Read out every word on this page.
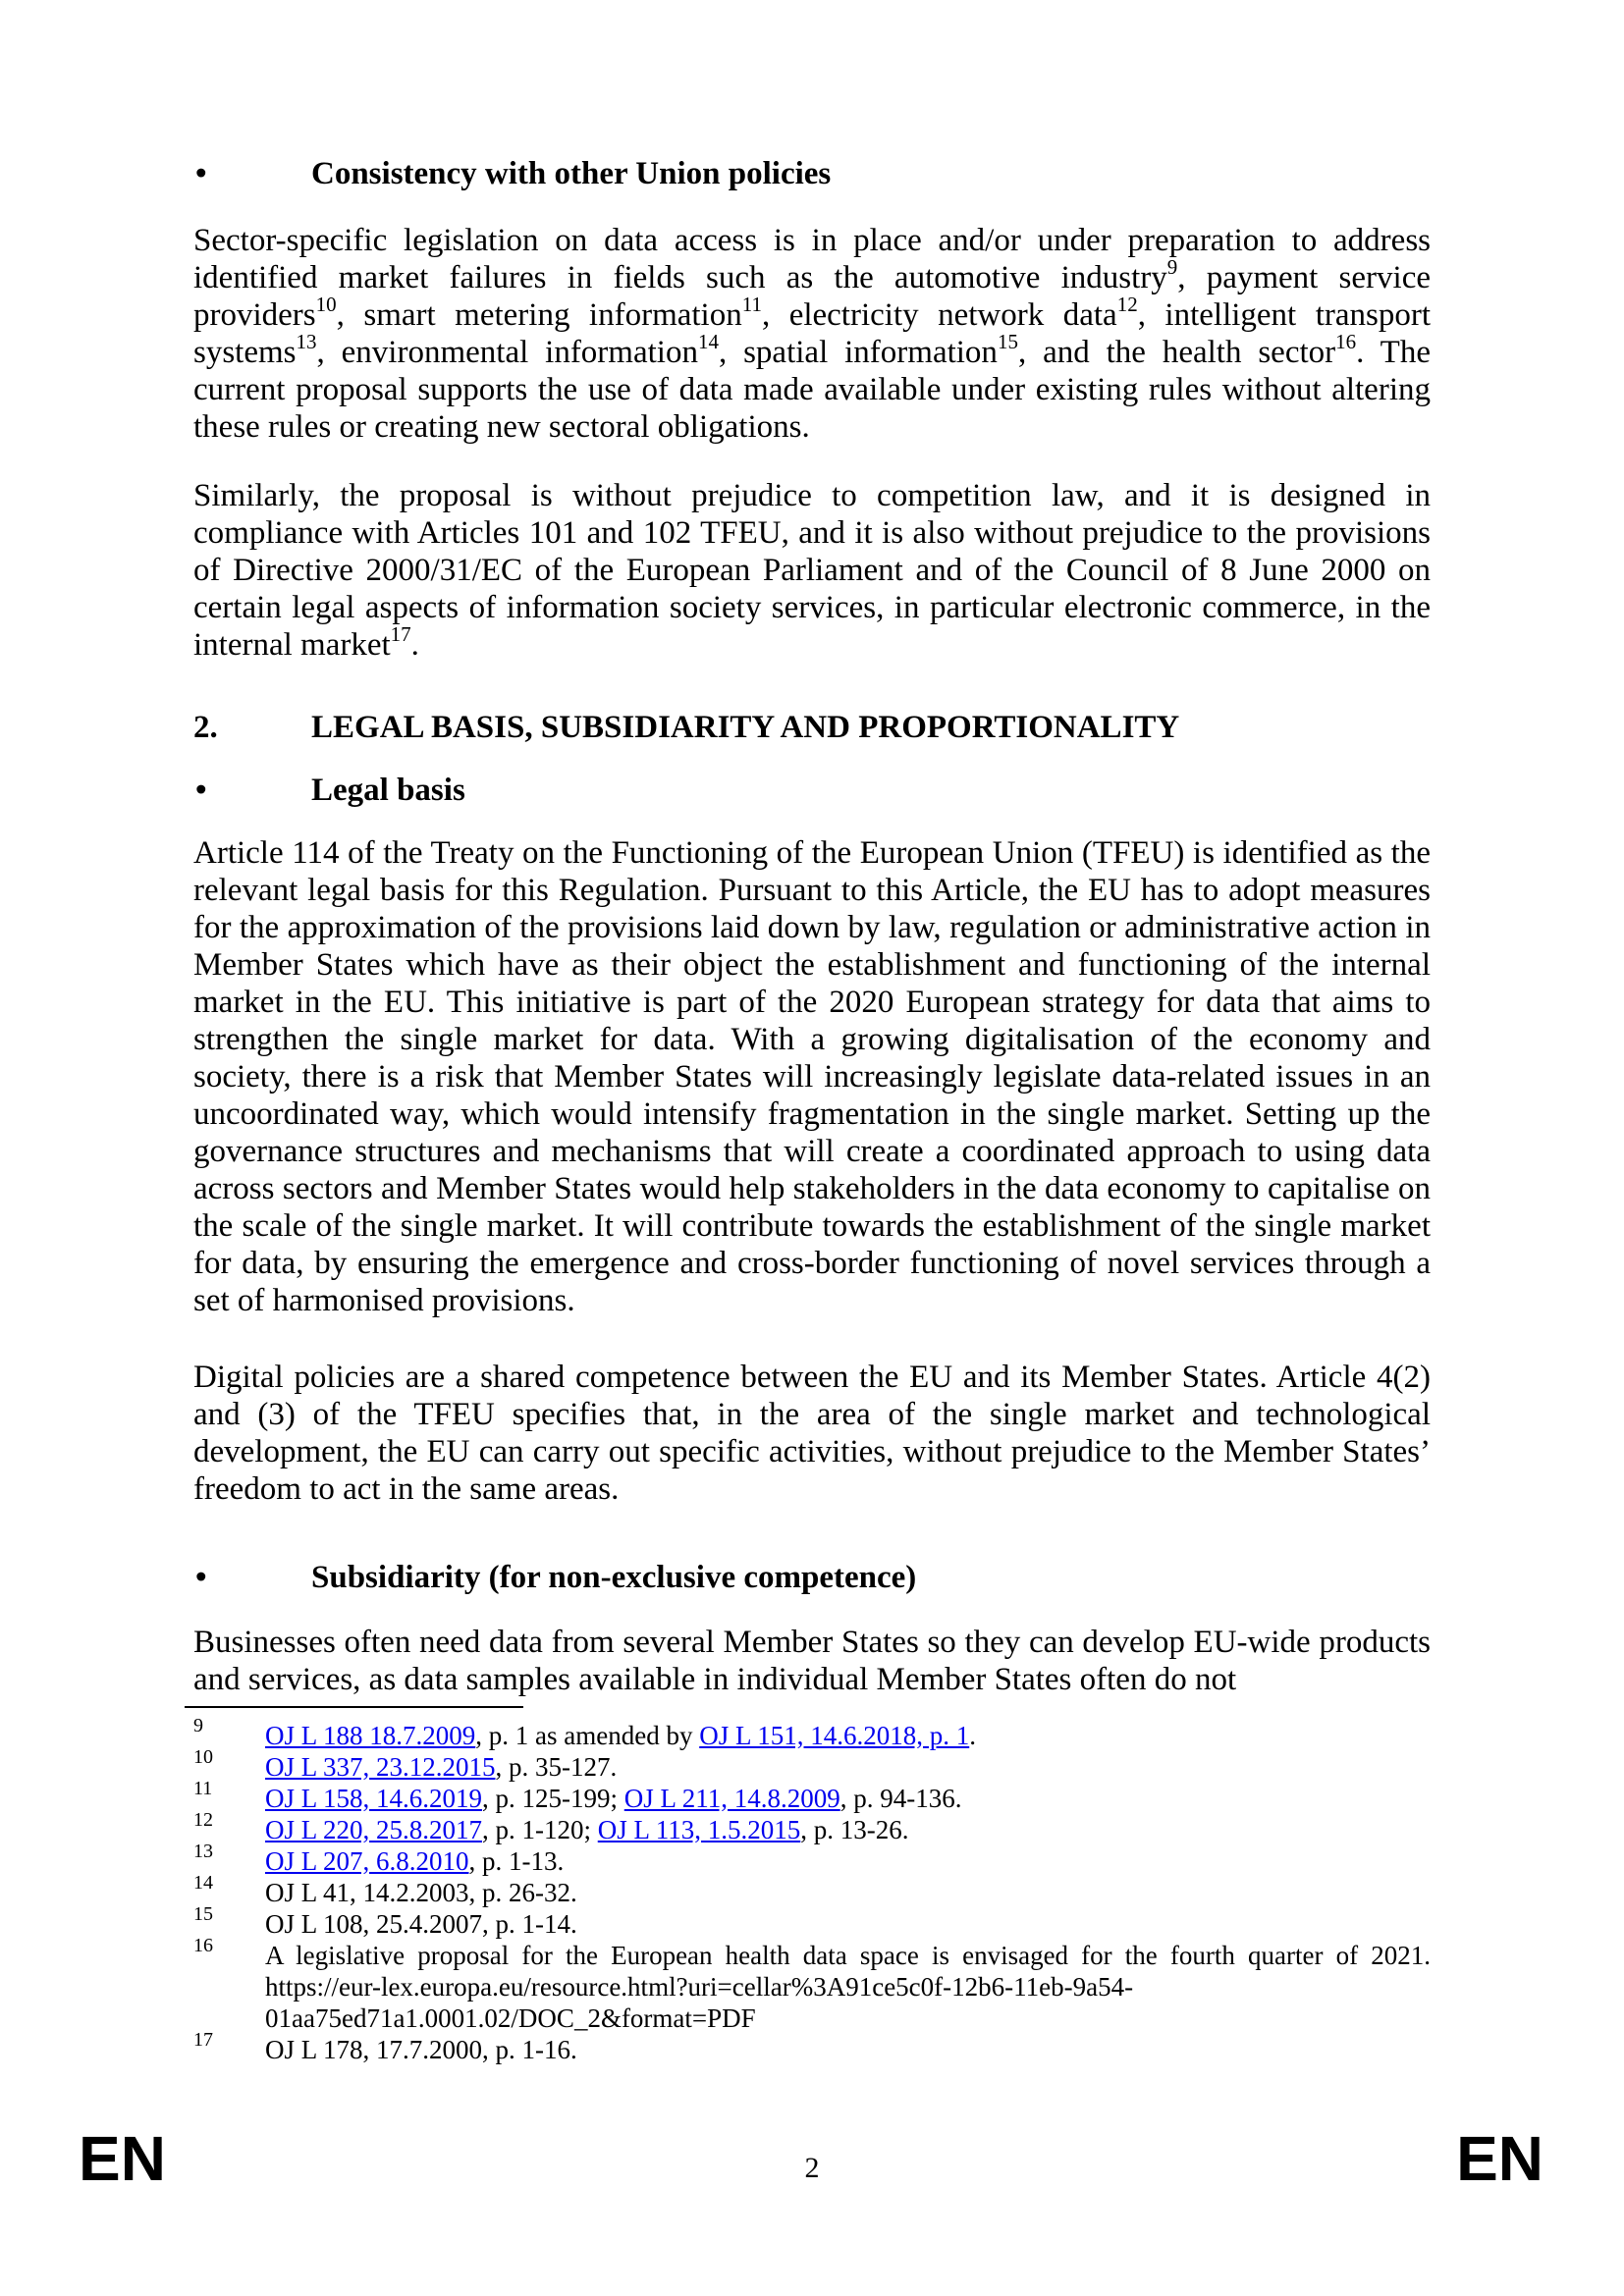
•	Consistency with other Union policies
Sector-specific legislation on data access is in place and/or under preparation to address identified market failures in fields such as the automotive industry$^9$, payment service providers$^{10}$, smart metering information$^{11}$, electricity network data$^{12}$, intelligent transport systems$^{13}$, environmental information$^{14}$, spatial information$^{15}$, and the health sector$^{16}$. The current proposal supports the use of data made available under existing rules without altering these rules or creating new sectoral obligations.
Similarly, the proposal is without prejudice to competition law, and it is designed in compliance with Articles 101 and 102 TFEU, and it is also without prejudice to the provisions of Directive 2000/31/EC of the European Parliament and of the Council of 8 June 2000 on certain legal aspects of information society services, in particular electronic commerce, in the internal market$^{17}$.
2.	LEGAL BASIS, SUBSIDIARITY AND PROPORTIONALITY
•	Legal basis
Article 114 of the Treaty on the Functioning of the European Union (TFEU) is identified as the relevant legal basis for this Regulation. Pursuant to this Article, the EU has to adopt measures for the approximation of the provisions laid down by law, regulation or administrative action in Member States which have as their object the establishment and functioning of the internal market in the EU. This initiative is part of the 2020 European strategy for data that aims to strengthen the single market for data. With a growing digitalisation of the economy and society, there is a risk that Member States will increasingly legislate data-related issues in an uncoordinated way, which would intensify fragmentation in the single market. Setting up the governance structures and mechanisms that will create a coordinated approach to using data across sectors and Member States would help stakeholders in the data economy to capitalise on the scale of the single market. It will contribute towards the establishment of the single market for data, by ensuring the emergence and cross-border functioning of novel services through a set of harmonised provisions.
Digital policies are a shared competence between the EU and its Member States. Article 4(2) and (3) of the TFEU specifies that, in the area of the single market and technological development, the EU can carry out specific activities, without prejudice to the Member States’ freedom to act in the same areas.
•	Subsidiarity (for non-exclusive competence)
Businesses often need data from several Member States so they can develop EU-wide products and services, as data samples available in individual Member States often do not
9 OJ L 188 18.7.2009, p. 1 as amended by OJ L 151, 14.6.2018, p. 1.
10 OJ L 337, 23.12.2015, p. 35-127.
11 OJ L 158, 14.6.2019, p. 125-199; OJ L 211, 14.8.2009, p. 94-136.
12 OJ L 220, 25.8.2017, p. 1-120; OJ L 113, 1.5.2015, p. 13-26.
13 OJ L 207, 6.8.2010, p. 1-13.
14 OJ L 41, 14.2.2003, p. 26-32.
15 OJ L 108, 25.4.2007, p. 1-14.
16 A legislative proposal for the European health data space is envisaged for the fourth quarter of 2021.
https://eur-lex.europa.eu/resource.html?uri=cellar%3A91ce5c0f-12b6-11eb-9a54-
01aa75ed71a1.0001.02/DOC_2&format=PDF
17 OJ L 178, 17.7.2000, p. 1-16.
EN	2	EN
